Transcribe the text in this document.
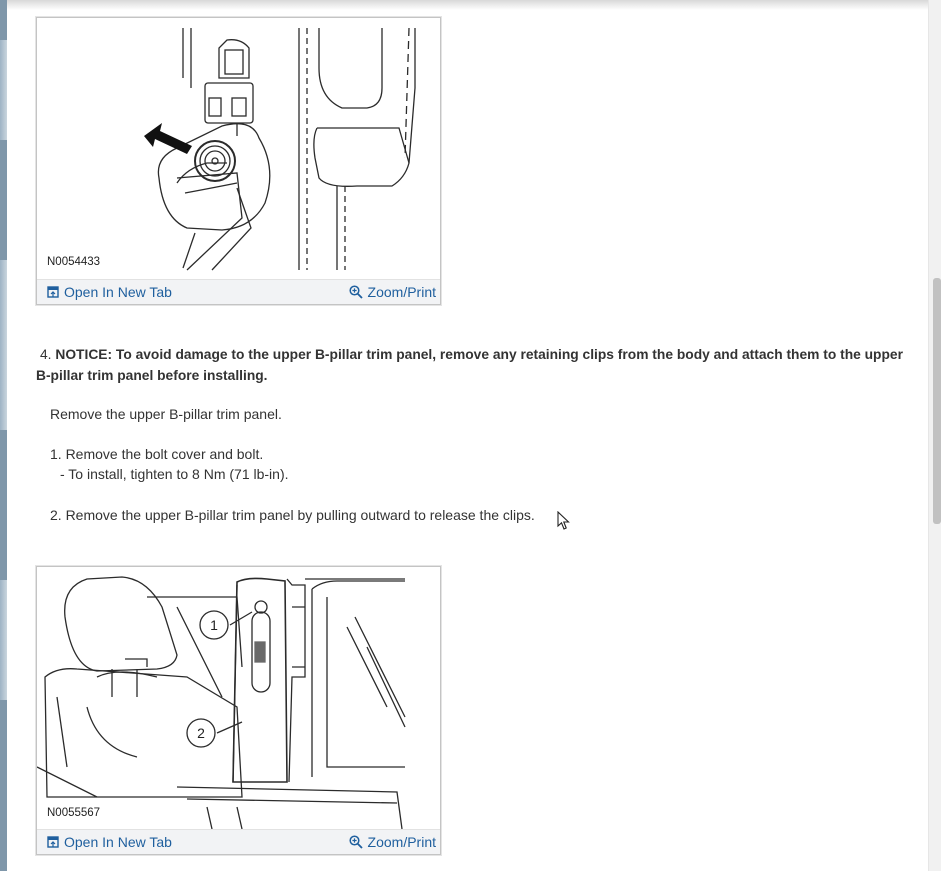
N0054433
Open In New Tab	Zoom/Print
4. NOTICE: To avoid damage to the upper B-pillar trim panel, remove any retaining clips from the body and attach them to the upper B-pillar trim panel before installing.
Remove the upper B-pillar trim panel.
1. Remove the bolt cover and bolt.
- To install, tighten to 8 Nm (71 lb-in).
2. Remove the upper B-pillar trim panel by pulling outward to release the clips.
1
2
N0055567
Open In New Tab	Zoom/Print
